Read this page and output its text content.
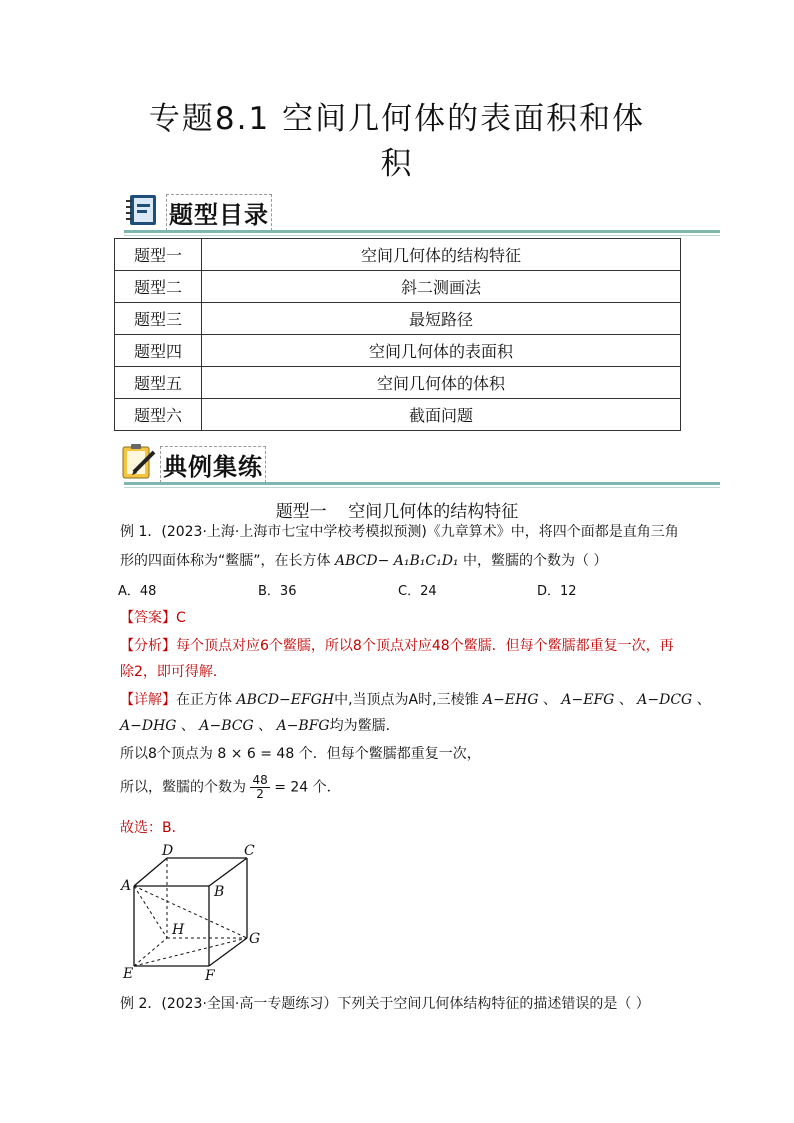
专题8.1 空间几何体的表面积和体
积
题型目录
题型一	空间几何体的结构特征
题型二	斜二测画法
题型三	最短路径
题型四	空间几何体的表面积
题型五	空间几何体的体积
题型六	截面问题
典例集练
题型一    空间几何体的结构特征
例 1．(2023·上海·上海市七宝中学校考模拟预测)《九章算术》中，将四个面都是直角三角
形的四面体称为“鳖臑”，在长方体 ABCD− A₁B₁C₁D₁ 中，鳖臑的个数为（ ）
A．48	B．36	C．24	D．12
【答案】C
【分析】每个顶点对应6个鳖臑，所以8个顶点对应48个鳖臑．但每个鳖臑都重复一次，再
除2，即可得解．
【详解】在正方体 ABCD−EFGH中,当顶点为A时,三棱锥 A−EHG 、 A−EFG 、 A−DCG 、
A−DHG 、 A−BCG 、 A−BFG均为鳖臑．
所以8个顶点为 8 × 6 = 48 个．但每个鳖臑都重复一次，
所以，鳖臑的个数为 $\frac{48}{2} = 24$ 个．
故选：B．
D	C
A	B
H
G
E	F
例 2．(2023·全国·高一专题练习）下列关于空间几何体结构特征的描述错误的是（ ）
